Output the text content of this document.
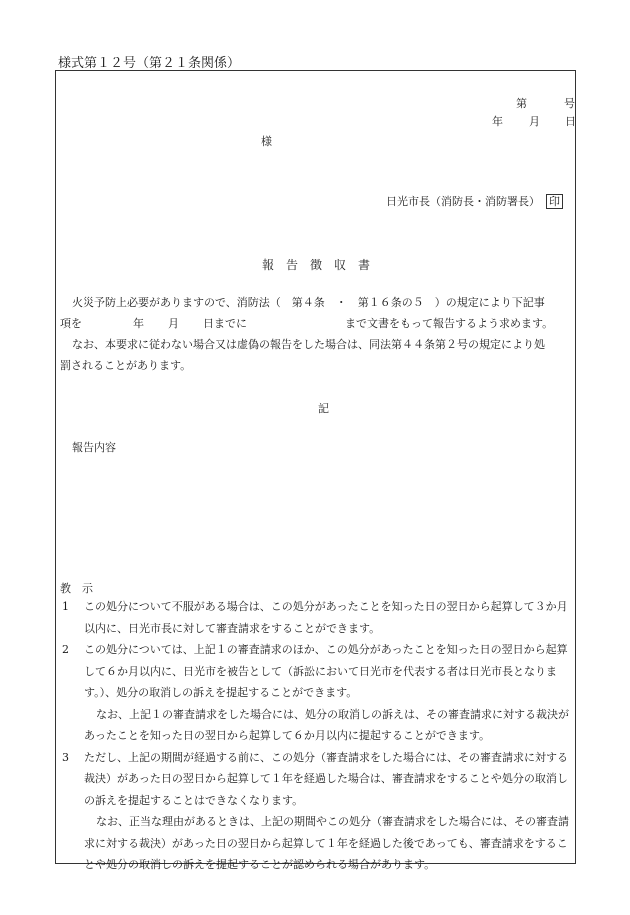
様式第１２号（第２１条関係）
第	号
年 月 日
様
日光市長（消防長・消防署長） 印
報　告　徴　収　書
火災予防上必要がありますので、消防法（　第４条　・　第１６条の５　）の規定により下記事
項を	年 月 日までに	まで文書をもって報告するよう求めます。
なお、本要求に従わない場合又は虚偽の報告をした場合は、同法第４４条第２号の規定により処
罰されることがあります。
記
報告内容
教　示
1	この処分について不服がある場合は、この処分があったことを知った日の翌日から起算して３か月以内に、日光市長に対して審査請求をすることができます。
2	この処分については、上記１の審査請求のほか、この処分があったことを知った日の翌日から起算して６か月以内に、日光市を被告として（訴訟において日光市を代表する者は日光市長となります。）、処分の取消しの訴えを提起することができます。
なお、上記１の審査請求をした場合には、処分の取消しの訴えは、その審査請求に対する裁決があったことを知った日の翌日から起算して６か月以内に提起することができます。
3	ただし、上記の期間が経過する前に、この処分（審査請求をした場合には、その審査請求に対する裁決）があった日の翌日から起算して１年を経過した場合は、審査請求をすることや処分の取消しの訴えを提起することはできなくなります。
なお、正当な理由があるときは、上記の期間やこの処分（審査請求をした場合には、その審査請求に対する裁決）があった日の翌日から起算して１年を経過した後であっても、審査請求をすることや処分の取消しの訴えを提起することが認められる場合があります。
